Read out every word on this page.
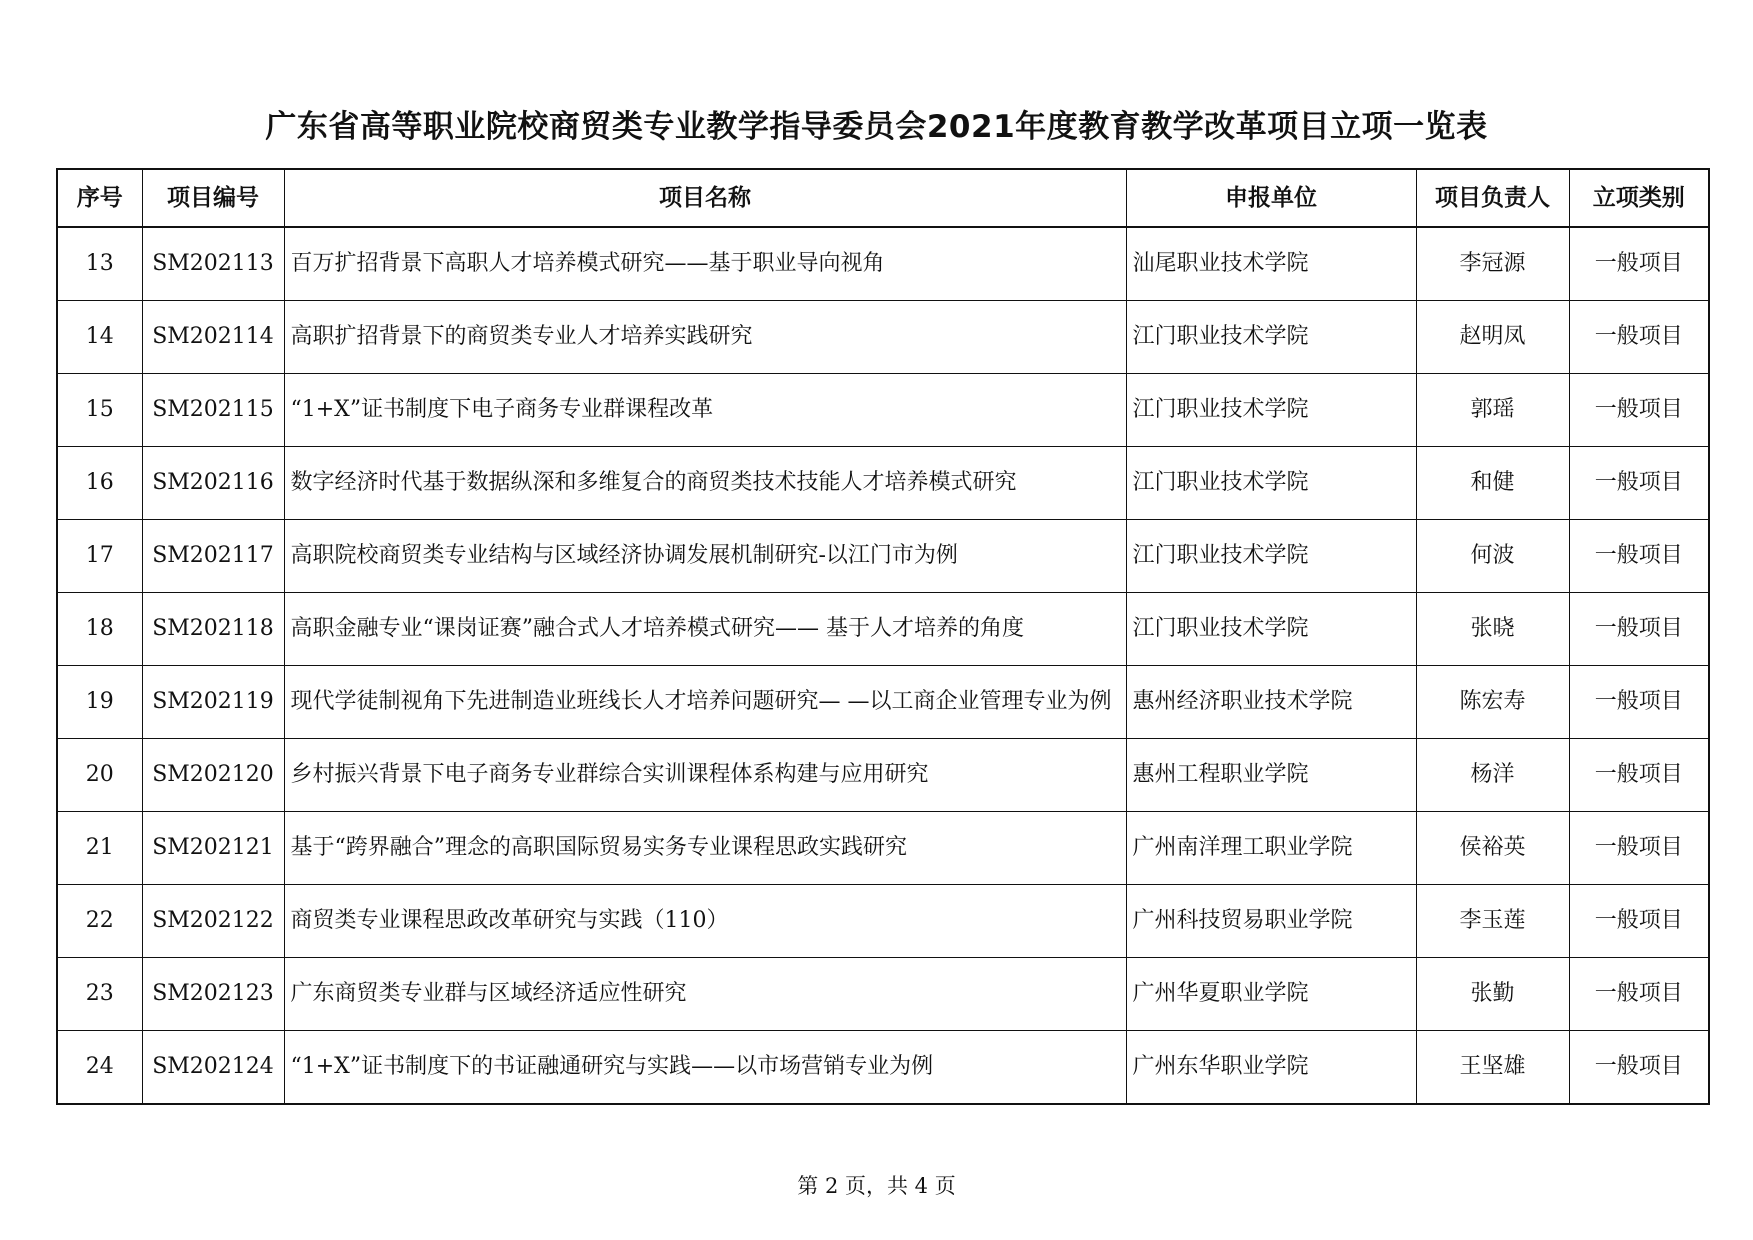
广东省高等职业院校商贸类专业教学指导委员会2021年度教育教学改革项目立项一览表
序号	项目编号	项目名称	申报单位	项目负责人	立项类别
13	SM202113	百万扩招背景下高职人才培养模式研究——基于职业导向视角	汕尾职业技术学院	李冠源	一般项目
14	SM202114	高职扩招背景下的商贸类专业人才培养实践研究	江门职业技术学院	赵明凤	一般项目
15	SM202115	“1+X”证书制度下电子商务专业群课程改革	江门职业技术学院	郭瑶	一般项目
16	SM202116	数字经济时代基于数据纵深和多维复合的商贸类技术技能人才培养模式研究	江门职业技术学院	和健	一般项目
17	SM202117	高职院校商贸类专业结构与区域经济协调发展机制研究-以江门市为例	江门职业技术学院	何波	一般项目
18	SM202118	高职金融专业“课岗证赛”融合式人才培养模式研究—— 基于人才培养的角度	江门职业技术学院	张晓	一般项目
19	SM202119	现代学徒制视角下先进制造业班线长人才培养问题研究— —以工商企业管理专业为例	惠州经济职业技术学院	陈宏寿	一般项目
20	SM202120	乡村振兴背景下电子商务专业群综合实训课程体系构建与应用研究	惠州工程职业学院	杨洋	一般项目
21	SM202121	基于“跨界融合”理念的高职国际贸易实务专业课程思政实践研究	广州南洋理工职业学院	侯裕英	一般项目
22	SM202122	商贸类专业课程思政改革研究与实践（110）	广州科技贸易职业学院	李玉莲	一般项目
23	SM202123	广东商贸类专业群与区域经济适应性研究	广州华夏职业学院	张勤	一般项目
24	SM202124	“1+X”证书制度下的书证融通研究与实践——以市场营销专业为例	广州东华职业学院	王坚雄	一般项目
第 2 页，共 4 页
